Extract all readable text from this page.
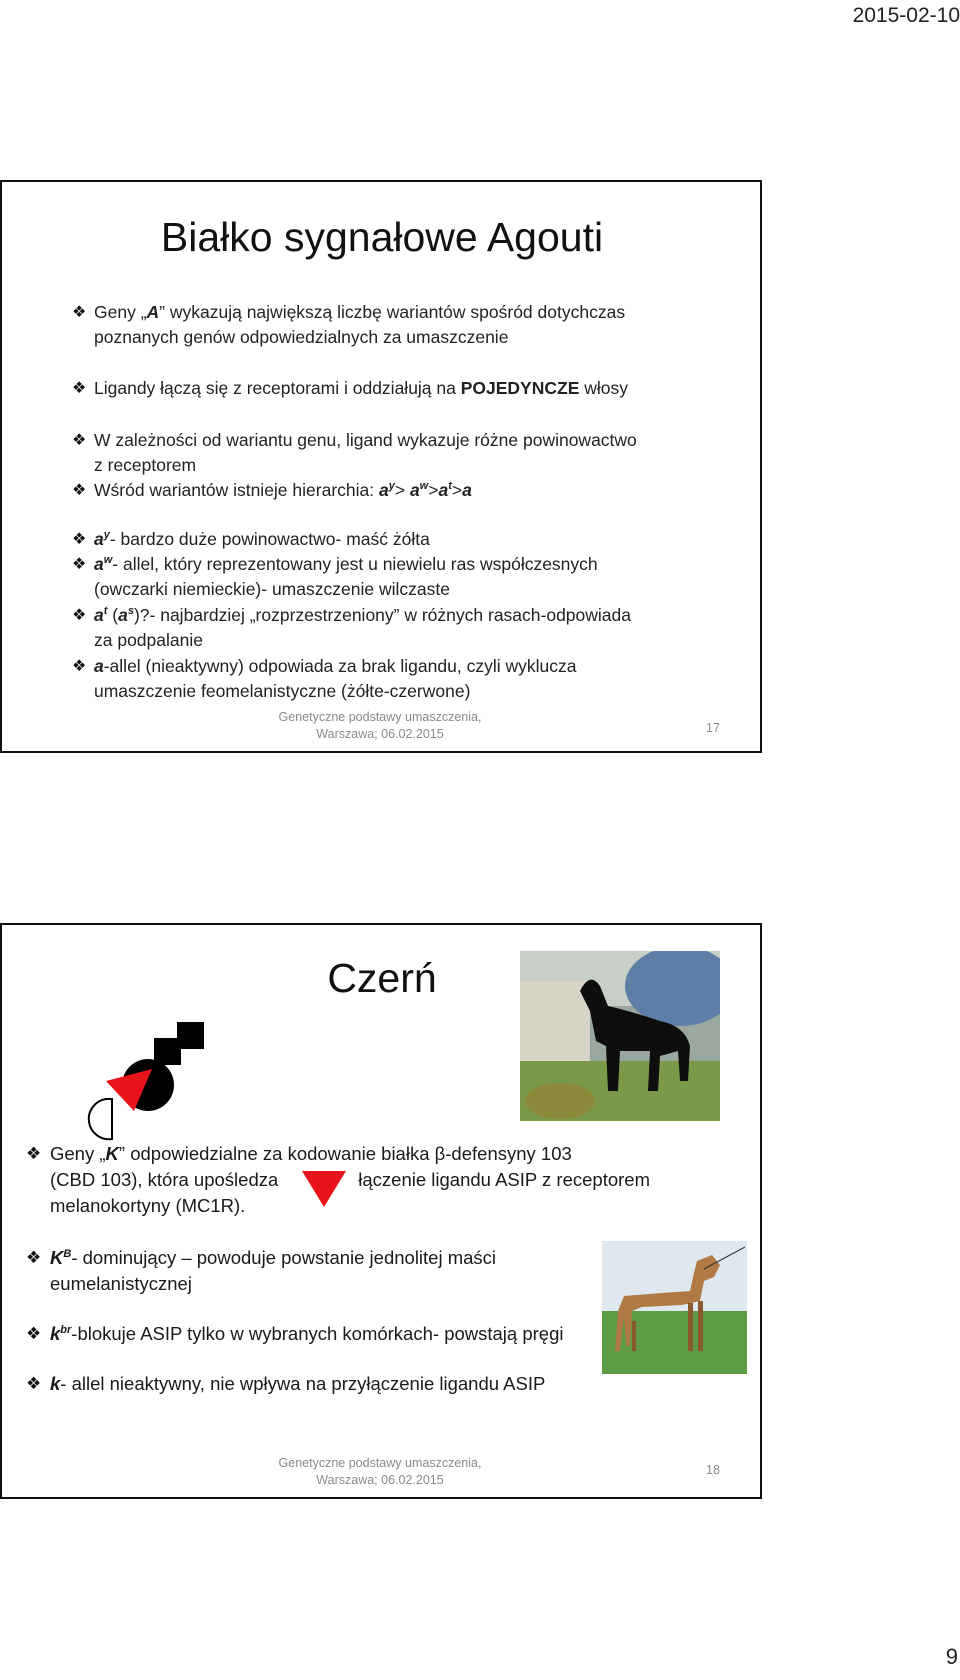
2015-02-10
Białko sygnałowe Agouti
❖ Geny „A” wykazują największą liczbę wariantów spośród dotychczas
poznanych genów odpowiedzialnych za umaszczenie
❖ Ligandy łączą się z receptorami i oddziałują na POJEDYNCZE włosy
❖ W zależności od wariantu genu, ligand wykazuje różne powinowactwo
z receptorem
❖ Wśród wariantów istnieje hierarchia: $a^y> a^w>a^t>a$
❖ $a^y-$ bardzo duże powinowactwo- maść żółta
❖ $a^w-$ allel, który reprezentowany jest u niewielu ras współczesnych
(owczarki niemieckie)- umaszczenie wilczaste
❖ $a^t$ $(a^s)?-$ najbardziej „rozprzestrzeniony” w różnych rasach-odpowiada
za podpalanie
❖ a-allel (nieaktywny) odpowiada za brak ligandu, czyli wyklucza
umaszczenie feomelanistyczne (żółte-czerwone)
Genetyczne podstawy umaszczenia,
Warszawa; 06.02.2015	17
Czerń
❖ Geny „K” odpowiedzialne za kodowanie białka β-defensyny 103
(CBD 103), która upośledza	łączenie ligandu ASIP z receptorem
melanokortyny (MC1R).
❖ $K^B-$ dominujący – powoduje powstanie jednolitej maści
eumelanistycznej
❖ $k^{br}$-blokuje ASIP tylko w wybranych komórkach- powstają pręgi
❖ k- allel nieaktywny, nie wpływa na przyłączenie ligandu ASIP
Genetyczne podstawy umaszczenia,
Warszawa; 06.02.2015
18
9
